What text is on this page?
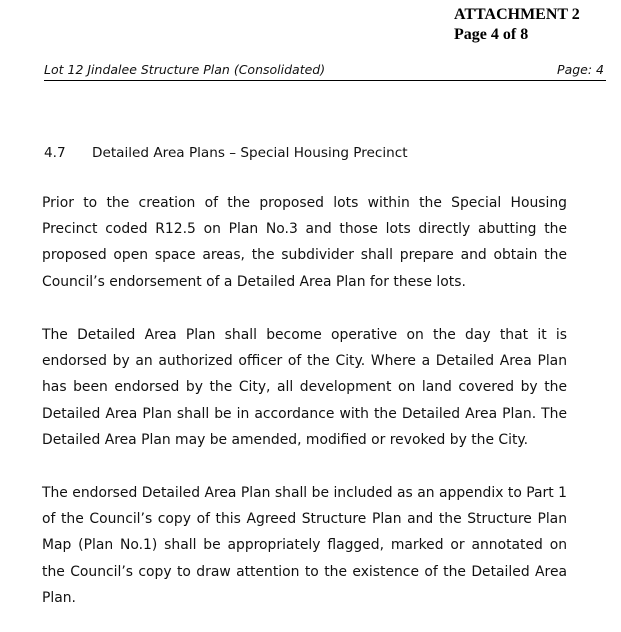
ATTACHMENT 2
Page 4 of 8
Lot 12 Jindalee Structure Plan (Consolidated)	Page: 4
4.7 Detailed Area Plans – Special Housing Precinct

Prior to the creation of the proposed lots within the Special Housing Precinct coded R12.5 on Plan No.3 and those lots directly abutting the proposed open space areas, the subdivider shall prepare and obtain the Council’s endorsement of a Detailed Area Plan for these lots.

The Detailed Area Plan shall become operative on the day that it is endorsed by an authorized officer of the City. Where a Detailed Area Plan has been endorsed by the City, all development on land covered by the Detailed Area Plan shall be in accordance with the Detailed Area Plan. The Detailed Area Plan may be amended, modified or revoked by the City.

The endorsed Detailed Area Plan shall be included as an appendix to Part 1 of the Council’s copy of this Agreed Structure Plan and the Structure Plan Map (Plan No.1) shall be appropriately flagged, marked or annotated on the Council’s copy to draw attention to the existence of the Detailed Area Plan.
